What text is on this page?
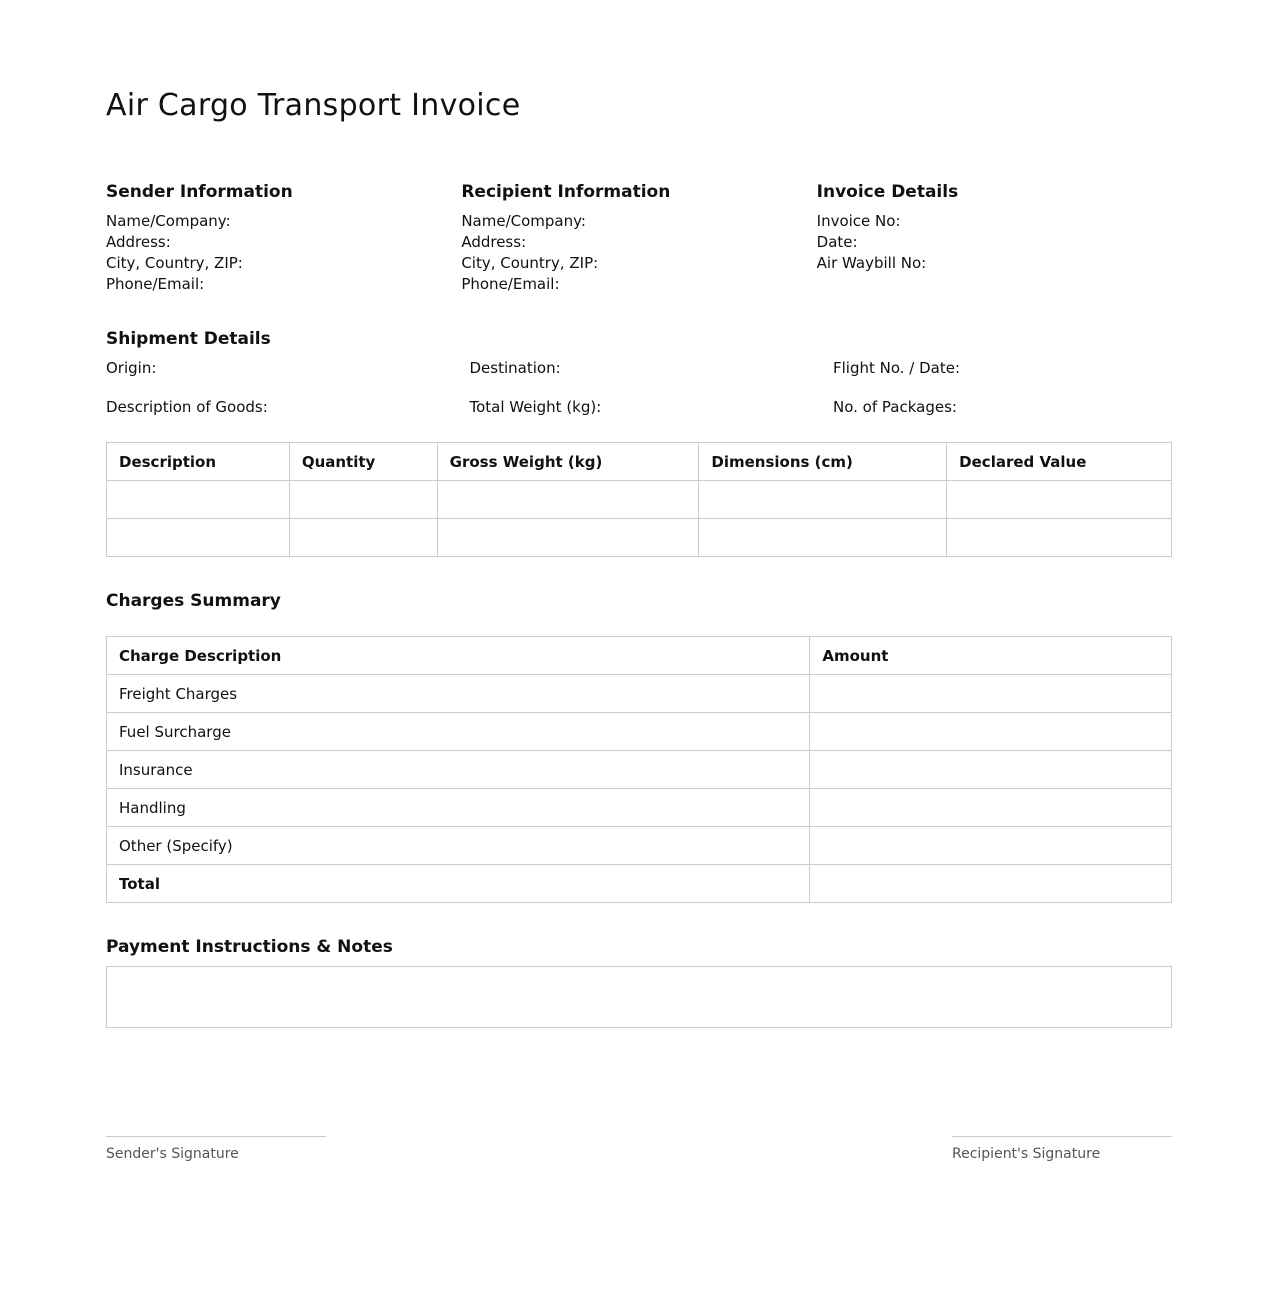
Air Cargo Transport Invoice
Sender Information
Name/Company:
Address:
City, Country, ZIP:
Phone/Email:
Recipient Information
Name/Company:
Address:
City, Country, ZIP:
Phone/Email:
Invoice Details
Invoice No:
Date:
Air Waybill No:
Shipment Details
Origin:	Destination:	Flight No. / Date:
Description of Goods:	Total Weight (kg):	No. of Packages:
Description	Quantity	Gross Weight (kg)	Dimensions (cm)	Declared Value

Charges Summary
Charge Description	Amount
Freight Charges	
Fuel Surcharge	
Insurance	
Handling	
Other (Specify)	
Total	
Payment Instructions & Notes
Sender's Signature	Recipient's Signature
